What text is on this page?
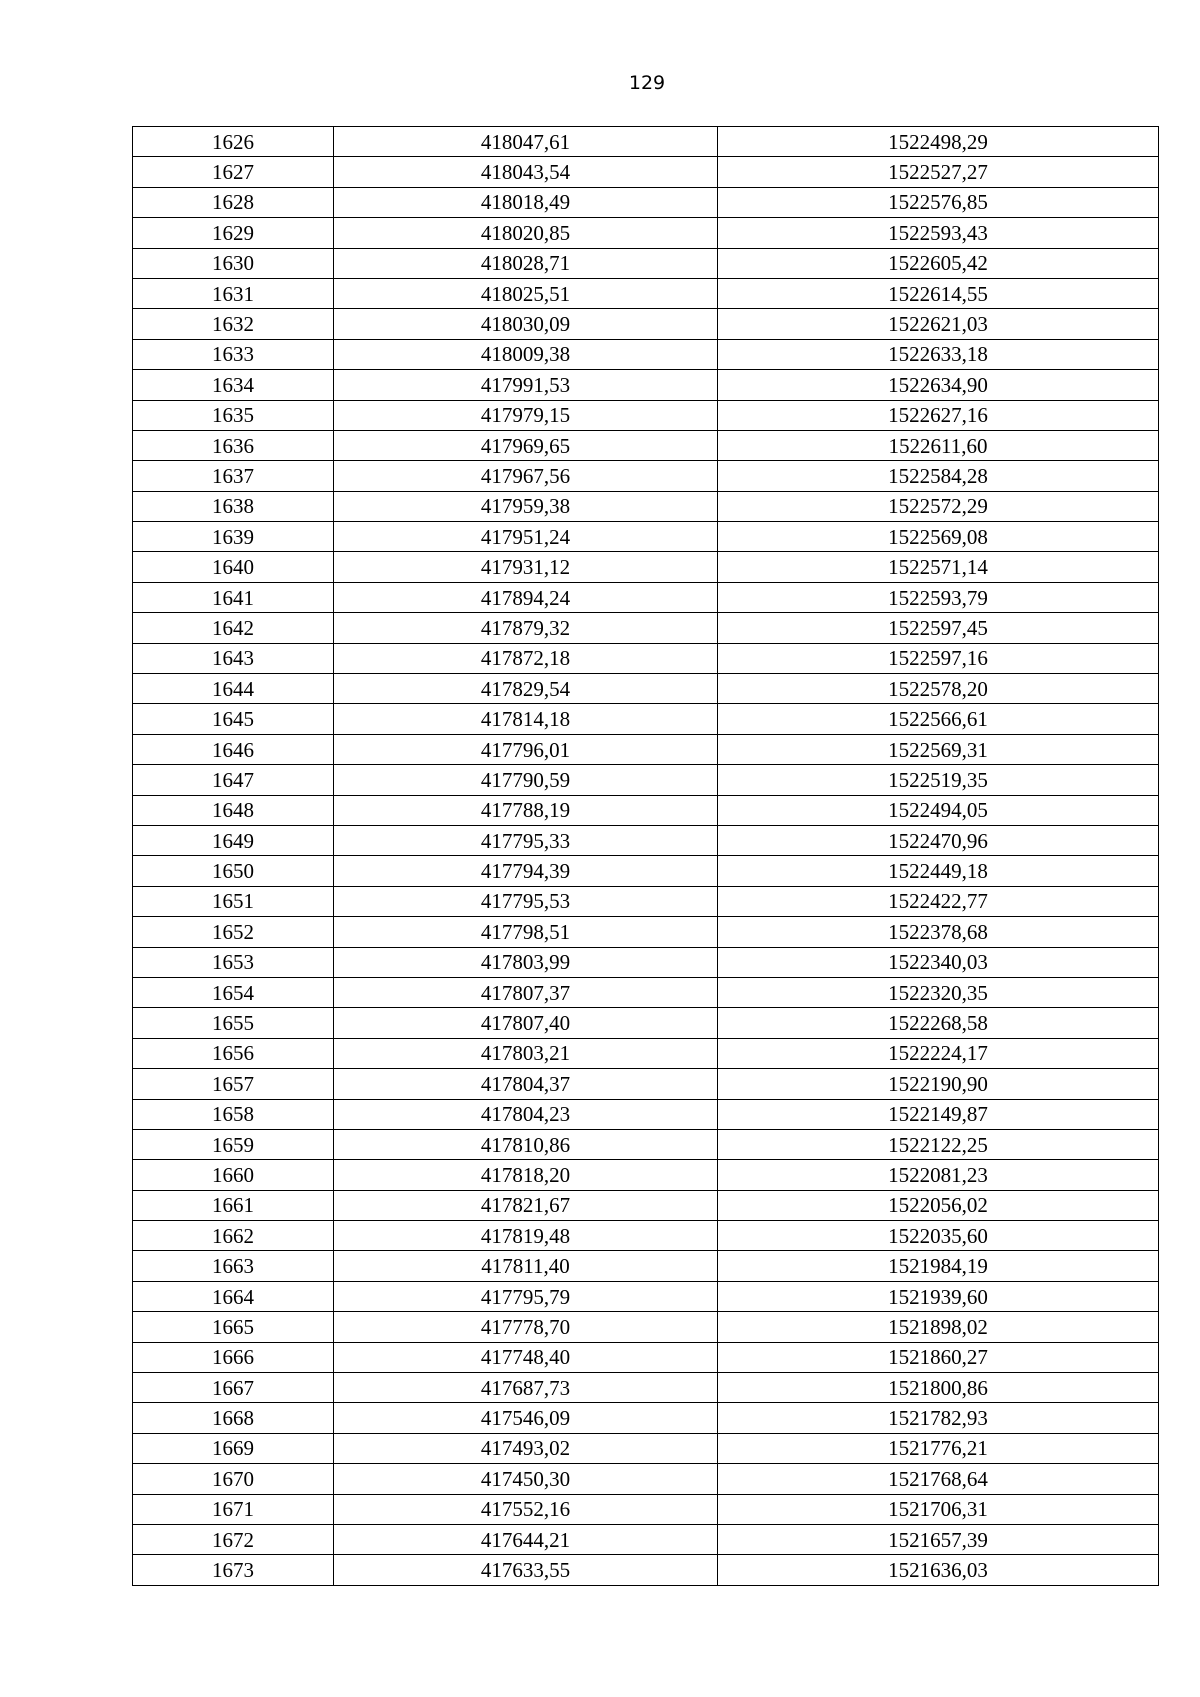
129
1626	418047,61	1522498,29
1627	418043,54	1522527,27
1628	418018,49	1522576,85
1629	418020,85	1522593,43
1630	418028,71	1522605,42
1631	418025,51	1522614,55
1632	418030,09	1522621,03
1633	418009,38	1522633,18
1634	417991,53	1522634,90
1635	417979,15	1522627,16
1636	417969,65	1522611,60
1637	417967,56	1522584,28
1638	417959,38	1522572,29
1639	417951,24	1522569,08
1640	417931,12	1522571,14
1641	417894,24	1522593,79
1642	417879,32	1522597,45
1643	417872,18	1522597,16
1644	417829,54	1522578,20
1645	417814,18	1522566,61
1646	417796,01	1522569,31
1647	417790,59	1522519,35
1648	417788,19	1522494,05
1649	417795,33	1522470,96
1650	417794,39	1522449,18
1651	417795,53	1522422,77
1652	417798,51	1522378,68
1653	417803,99	1522340,03
1654	417807,37	1522320,35
1655	417807,40	1522268,58
1656	417803,21	1522224,17
1657	417804,37	1522190,90
1658	417804,23	1522149,87
1659	417810,86	1522122,25
1660	417818,20	1522081,23
1661	417821,67	1522056,02
1662	417819,48	1522035,60
1663	417811,40	1521984,19
1664	417795,79	1521939,60
1665	417778,70	1521898,02
1666	417748,40	1521860,27
1667	417687,73	1521800,86
1668	417546,09	1521782,93
1669	417493,02	1521776,21
1670	417450,30	1521768,64
1671	417552,16	1521706,31
1672	417644,21	1521657,39
1673	417633,55	1521636,03
